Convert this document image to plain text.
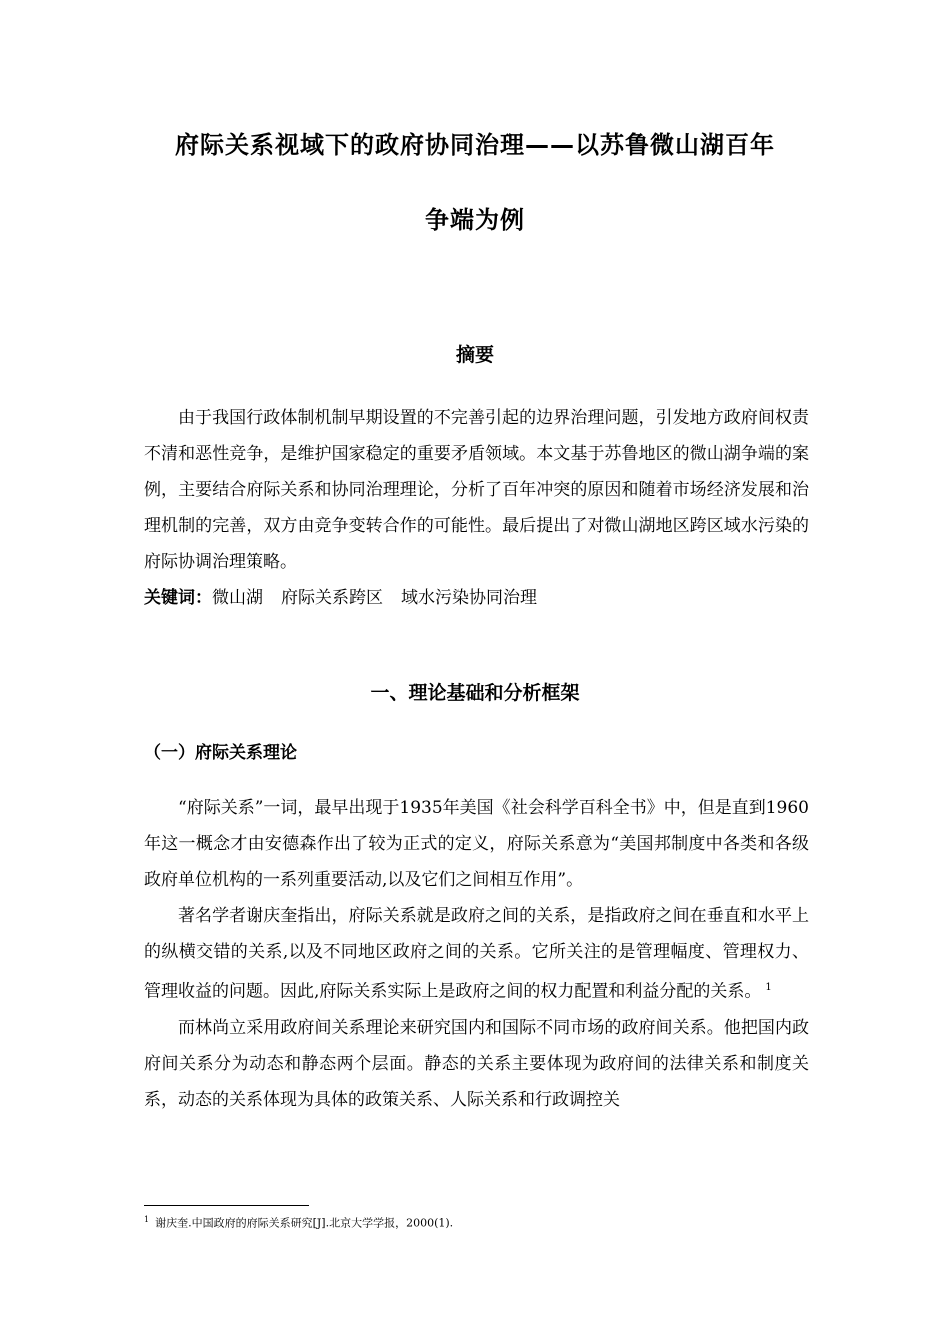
府际关系视域下的政府协同治理——以苏鲁微山湖百年
争端为例
摘要

由于我国行政体制机制早期设置的不完善引起的边界治理问题，引发地方政府间权责不清和恶性竞争，是维护国家稳定的重要矛盾领域。本文基于苏鲁地区的微山湖争端的案例，主要结合府际关系和协同治理理论，分析了百年冲突的原因和随着市场经济发展和治理机制的完善，双方由竞争变转合作的可能性。最后提出了对微山湖地区跨区域水污染的府际协调治理策略。

关键词：微山湖 府际关系跨区 域水污染协同治理
一、理论基础和分析框架
（一）府际关系理论

“府际关系”一词，最早出现于1935年美国《社会科学百科全书》中，但是直到1960年这一概念才由安德森作出了较为正式的定义，府际关系意为“美国邦制度中各类和各级政府单位机构的一系列重要活动,以及它们之间相互作用”。

著名学者谢庆奎指出，府际关系就是政府之间的关系，是指政府之间在垂直和水平上的纵横交错的关系,以及不同地区政府之间的关系。它所关注的是管理幅度、管理权力、管理收益的问题。因此,府际关系实际上是政府之间的权力配置和利益分配的关系。 $^1$

而林尚立采用政府间关系理论来研究国内和国际不同市场的政府间关系。他把国内政府间关系分为动态和静态两个层面。静态的关系主要体现为政府间的法律关系和制度关系，动态的关系体现为具体的政策关系、人际关系和行政调控关

$^1$ 谢庆奎.中国政府的府际关系研究[J].北京大学学报，2000(1).
